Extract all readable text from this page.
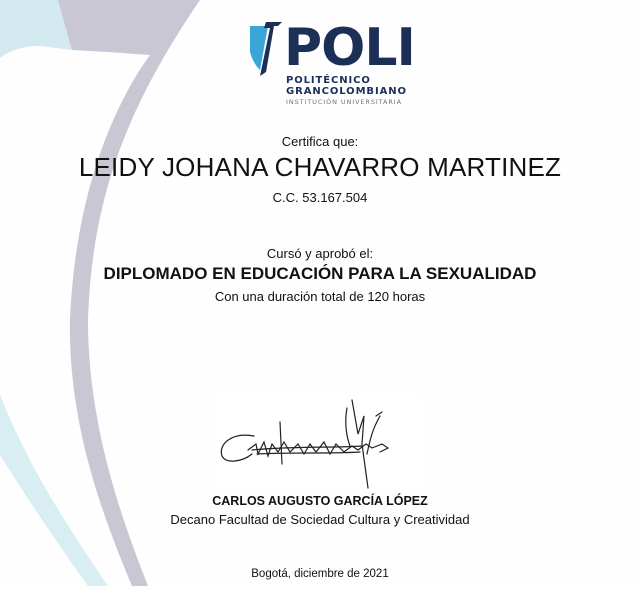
POLI
POLITÉCNICO
GRANCOLOMBIANO
INSTITUCIÓN UNIVERSITARIA
Certifica que:
LEIDY JOHANA CHAVARRO MARTINEZ
C.C. 53.167.504
Cursó y aprobó el:
DIPLOMADO EN EDUCACIÓN PARA LA SEXUALIDAD
Con una duración total de 120 horas
CARLOS AUGUSTO GARCÍA LÓPEZ
Decano Facultad de Sociedad Cultura y Creatividad
Bogotá, diciembre de 2021
